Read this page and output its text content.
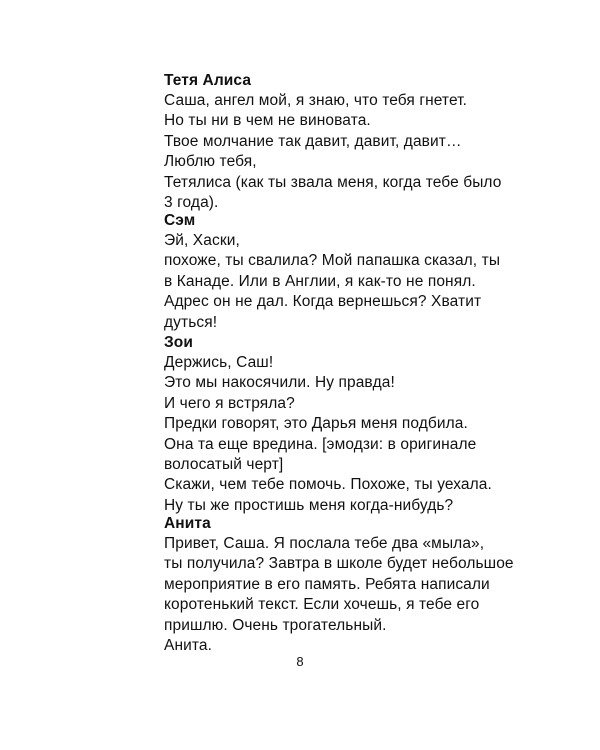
Тетя Алиса

Саша, ангел мой, я знаю, что тебя гнетет.

Но ты ни в чем не виновата.

Твое молчание так давит, давит, давит…

Люблю тебя,

Тетялиса (как ты звала меня, когда тебе было

3 года).

Сэм

Эй, Хаски,

похоже, ты свалила? Мой папашка сказал, ты

в Канаде. Или в Англии, я как-то не понял.

Адрес он не дал. Когда вернешься? Хватит

дуться!

Зои

Держись, Саш!

Это мы накосячили. Ну правда!

И чего я встряла?

Предки говорят, это Дарья меня подбила.

Она та еще вредина. [эмодзи: в оригинале

волосатый черт]

Скажи, чем тебе помочь. Похоже, ты уехала.

Ну ты же простишь меня когда-нибудь?

Анита

Привет, Саша. Я послала тебе два «мыла»,

ты получила? Завтра в школе будет небольшое

мероприятие в его память. Ребята написали

коротенький текст. Если хочешь, я тебе его

пришлю. Очень трогательный.

Анита.

8
